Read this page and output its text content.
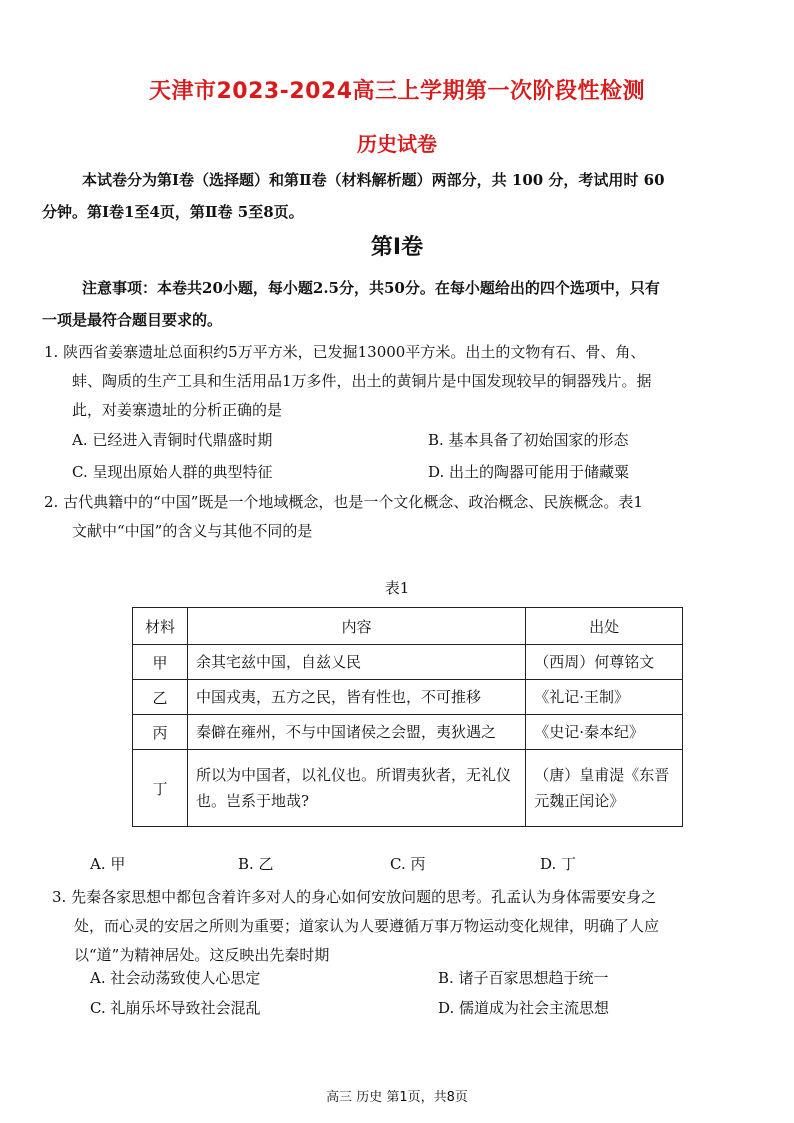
天津市2023-2024高三上学期第一次阶段性检测
历史试卷
本试卷分为第Ⅰ卷（选择题）和第Ⅱ卷（材料解析题）两部分，共 100 分，考试用时 60
分钟。第Ⅰ卷1至4页，第Ⅱ卷 5至8页。
第Ⅰ卷
注意事项：本卷共20小题，每小题2.5分，共50分。在每小题给出的四个选项中，只有
一项是最符合题目要求的。
1. 陕西省姜寨遗址总面积约5万平方米，已发掘13000平方米。出土的文物有石、骨、角、
蚌、陶质的生产工具和生活用品1万多件，出土的黄铜片是中国发现较早的铜器残片。据
此，对姜寨遗址的分析正确的是
A. 已经进入青铜时代鼎盛时期	B. 基本具备了初始国家的形态
C. 呈现出原始人群的典型特征	D. 出土的陶器可能用于储藏粟
2. 古代典籍中的“中国”既是一个地域概念，也是一个文化概念、政治概念、民族概念。表1
文献中“中国”的含义与其他不同的是
表1
材料	内容	出处
甲	余其宅兹中国，自兹乂民	（西周）何尊铭文
乙	中国戎夷，五方之民，皆有性也，不可推移	《礼记·王制》
丙	秦僻在雍州，不与中国诸侯之会盟，夷狄遇之	《史记·秦本纪》
丁	所以为中国者，以礼仪也。所谓夷狄者，无礼仪也。岂系于地哉?	（唐）皇甫湜《东晋元魏正闰论》
A. 甲	B. 乙	C. 丙	D. 丁
3. 先秦各家思想中都包含着许多对人的身心如何安放问题的思考。孔孟认为身体需要安身之
处，而心灵的安居之所则为重要；道家认为人要遵循万事万物运动变化规律，明确了人应
以“道”为精神居处。这反映出先秦时期
A. 社会动荡致使人心思定	B. 诸子百家思想趋于统一
C. 礼崩乐坏导致社会混乱	D. 儒道成为社会主流思想
高三 历史 第1页，共8页
